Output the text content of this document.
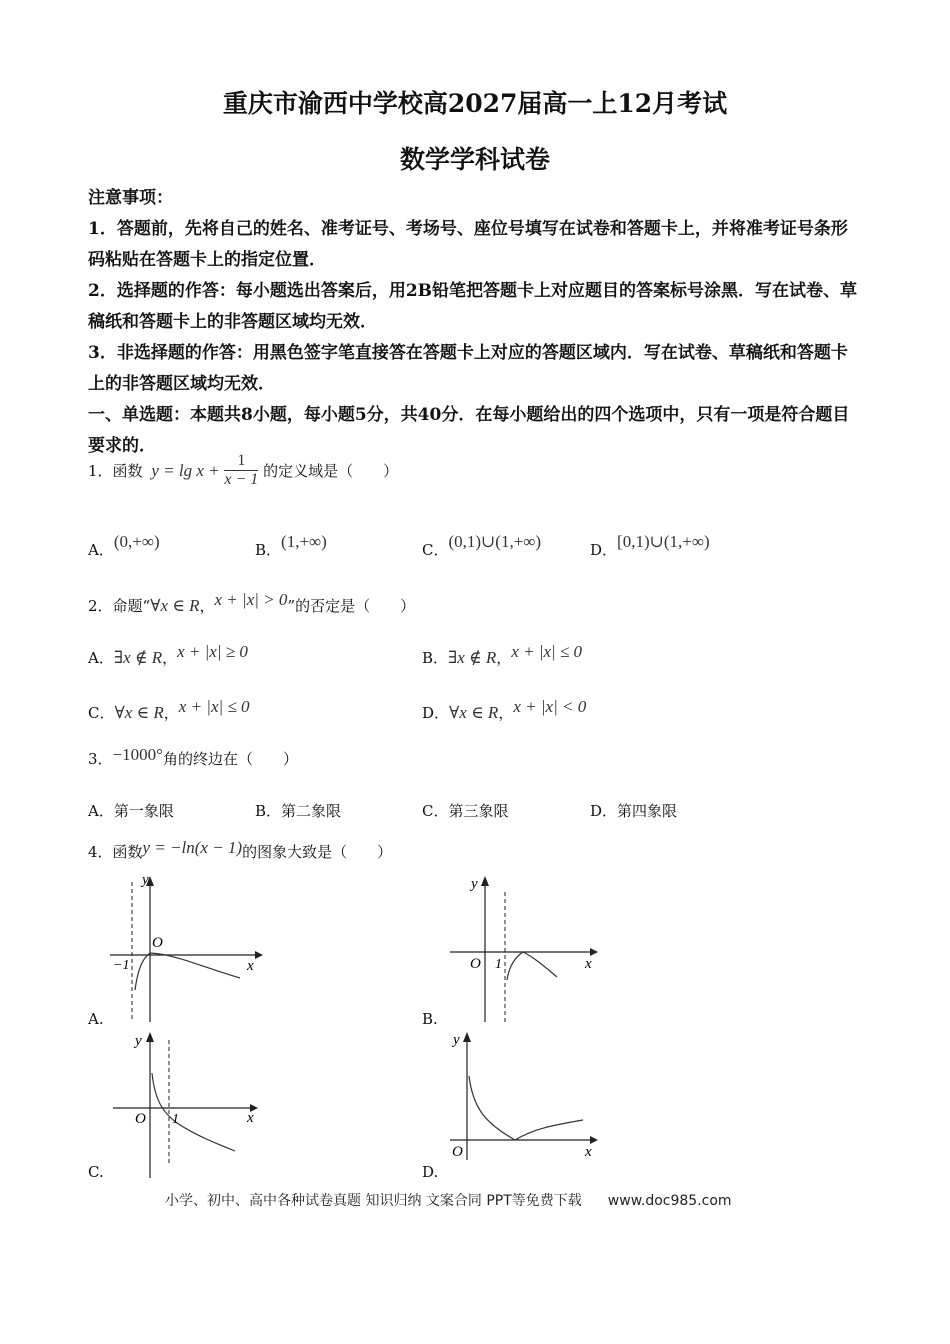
重庆市渝西中学校高2027届高一上12月考试
数学学科试卷

注意事项：

1．答题前，先将自己的姓名、准考证号、考场号、座位号填写在试卷和答题卡上，并将准考证号条形码粘贴在答题卡上的指定位置．

2．选择题的作答：每小题选出答案后，用2B铅笔把答题卡上对应题目的答案标号涂黑．写在试卷、草稿纸和答题卡上的非答题区域均无效．

3．非选择题的作答：用黑色签字笔直接答在答题卡上对应的答题区域内．写在试卷、草稿纸和答题卡上的非答题区域均无效．

一、单选题：本题共8小题，每小题5分，共40分．在每小题给出的四个选项中，只有一项是符合题目要求的．

1．函数 $y = \lg x + \frac{1}{x - 1}$ 的定义域是（　　）
A．(0,+∞)	B．(1,+∞)	C．(0,1)∪(1,+∞)	D．[0,1)∪(1,+∞)
2．命题“∀x ∈ R，x + |x| > 0”的否定是（　　）
A．∃x ∉ R，x + |x| ≥ 0	B．∃x ∉ R，x + |x| ≤ 0
C．∀x ∈ R，x + |x| ≤ 0	D．∀x ∈ R，x + |x| < 0
3．−1000°角的终边在（　　）
A．第一象限	B．第二象限	C．第三象限	D．第四象限
4．函数y = −ln(x − 1)的图象大致是（　　）
A.
y
x
O
−1
B.
y
x
O 1
C.
y
x
O 1
D.
y
x
O
小学、初中、高中各种试卷真题 知识归纳 文案合同 PPT等免费下载 www.doc985.com
